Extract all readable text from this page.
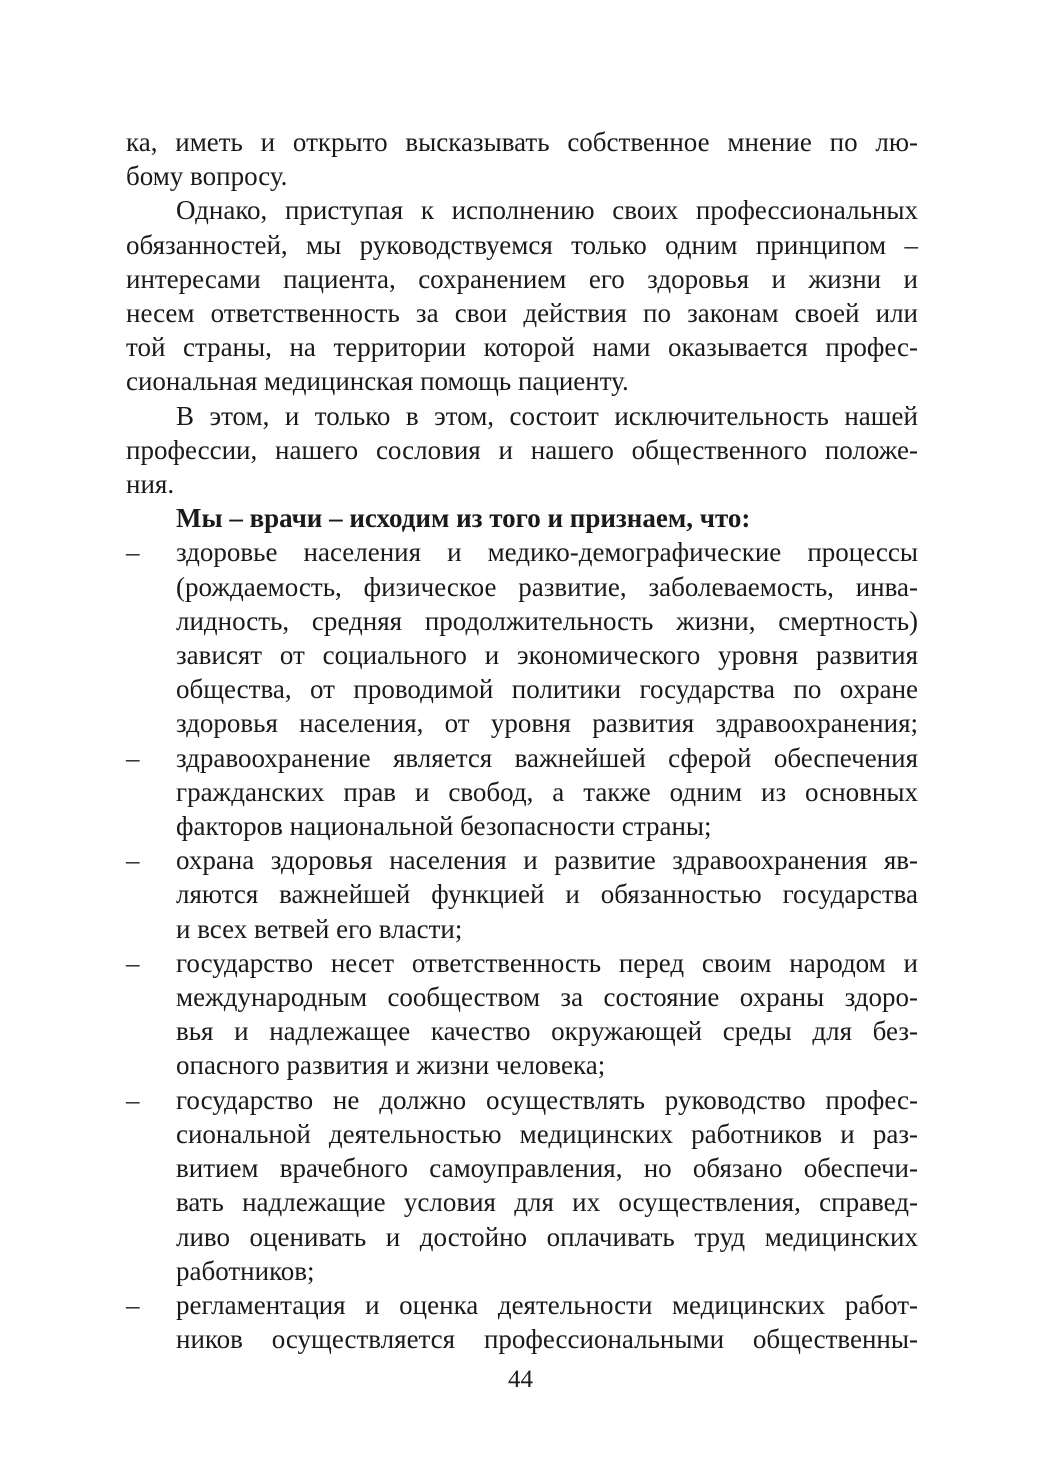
ка, иметь и открыто высказывать собственное мнение по лю-
бому вопросу.

Однако, приступая к исполнению своих профессиональных
обязанностей, мы руководствуемся только одним принципом –
интересами пациента, сохранением его здоровья и жизни и
несем ответственность за свои действия по законам своей или
той страны, на территории которой нами оказывается профес-
сиональная медицинская помощь пациенту.

В этом, и только в этом, состоит исключительность нашей
профессии, нашего сословия и нашего общественного положе-
ния.

Мы – врачи – исходим из того и признаем, что:
– здоровье населения и медико-демографические процессы
(рождаемость, физическое развитие, заболеваемость, инва-
лидность, средняя продолжительность жизни, смертность)
зависят от социального и экономического уровня развития
общества, от проводимой политики государства по охране
здоровья населения, от уровня развития здравоохранения;
– здравоохранение является важнейшей сферой обеспечения
гражданских прав и свобод, а также одним из основных
факторов национальной безопасности страны;
– охрана здоровья населения и развитие здравоохранения яв-
ляются важнейшей функцией и обязанностью государства
и всех ветвей его власти;
– государство несет ответственность перед своим народом и
международным сообществом за состояние охраны здоро-
вья и надлежащее качество окружающей среды для без-
опасного развития и жизни человека;
– государство не должно осуществлять руководство профес-
сиональной деятельностью медицинских работников и раз-
витием врачебного самоуправления, но обязано обеспечи-
вать надлежащие условия для их осуществления, справед-
ливо оценивать и достойно оплачивать труд медицинских
работников;
– регламентация и оценка деятельности медицинских работ-
ников осуществляется профессиональными общественны-
44
